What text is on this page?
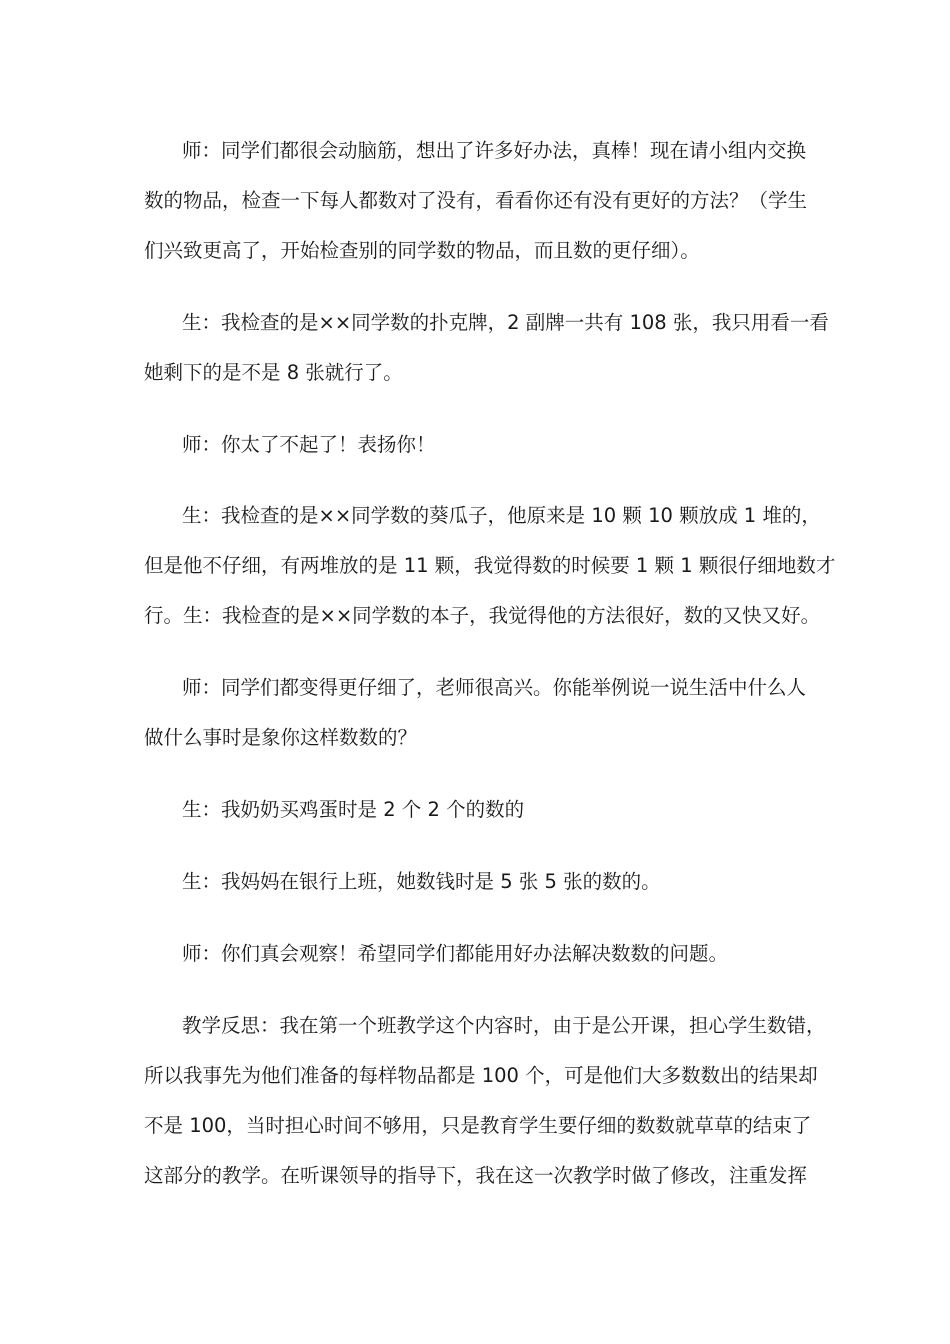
师：同学们都很会动脑筋，想出了许多好办法，真棒！现在请小组内交换
数的物品，检查一下每人都数对了没有，看看你还有没有更好的方法？（学生
们兴致更高了，开始检查别的同学数的物品，而且数的更仔细）。
生：我检查的是××同学数的扑克牌，2 副牌一共有 108 张，我只用看一看
她剩下的是不是 8 张就行了。
师：你太了不起了！表扬你！
生：我检查的是××同学数的葵瓜子，他原来是 10 颗 10 颗放成 1 堆的，
但是他不仔细，有两堆放的是 11 颗，我觉得数的时候要 1 颗 1 颗很仔细地数才
行。生：我检查的是××同学数的本子，我觉得他的方法很好，数的又快又好。
师：同学们都变得更仔细了，老师很高兴。你能举例说一说生活中什么人
做什么事时是象你这样数数的？
生：我奶奶买鸡蛋时是 2 个 2 个的数的
生：我妈妈在银行上班，她数钱时是 5 张 5 张的数的。
师：你们真会观察！希望同学们都能用好办法解决数数的问题。
教学反思：我在第一个班教学这个内容时，由于是公开课，担心学生数错，
所以我事先为他们准备的每样物品都是 100 个，可是他们大多数数出的结果却
不是 100，当时担心时间不够用，只是教育学生要仔细的数数就草草的结束了
这部分的教学。在听课领导的指导下，我在这一次教学时做了修改，注重发挥
